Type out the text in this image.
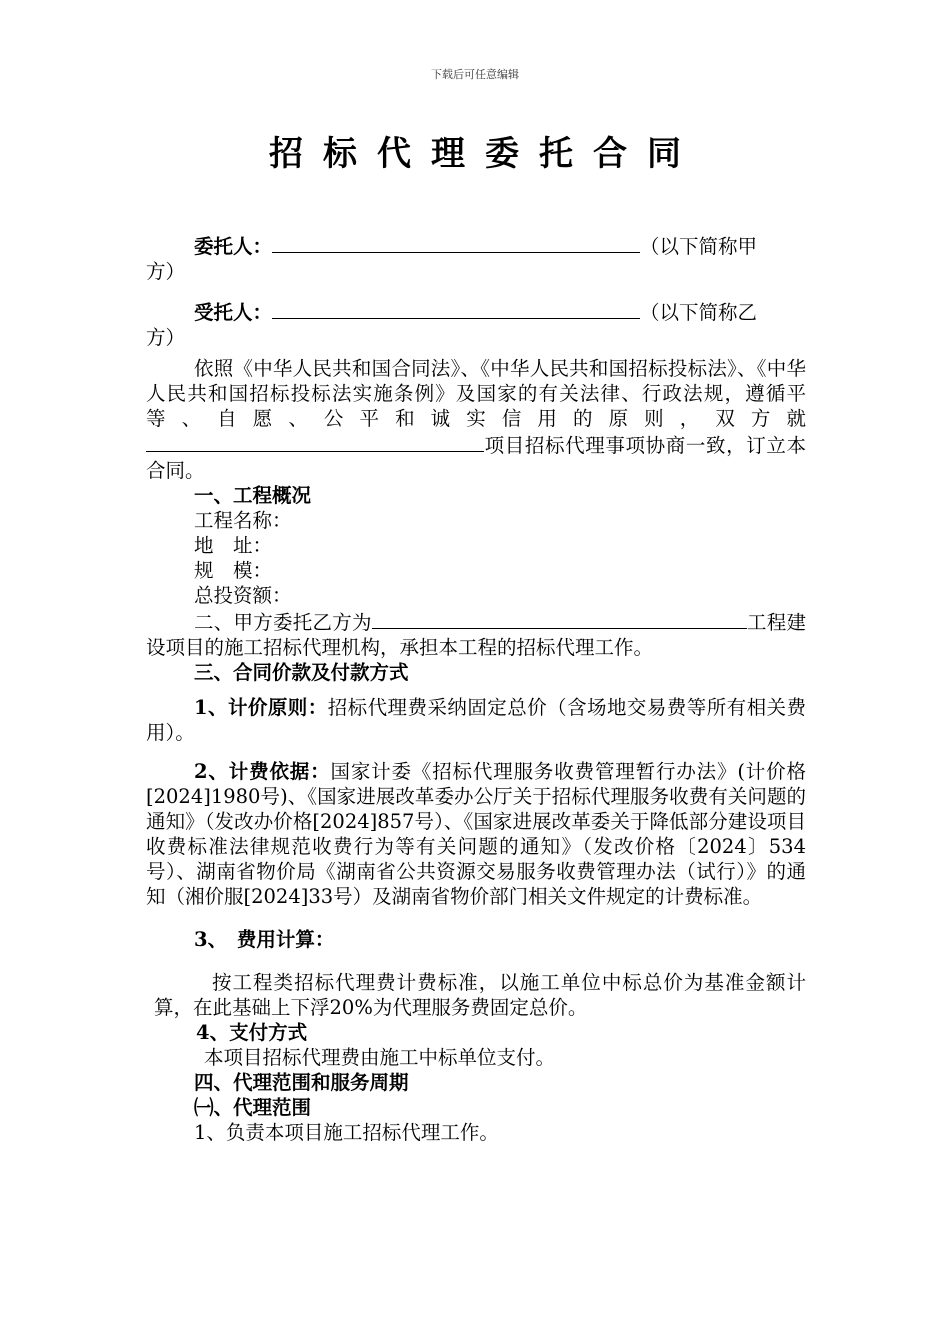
下载后可任意编辑
招标代理委托合同

委托人：	（以下简称甲

方）

受托人：	（以下简称乙

方）

依照《中华人民共和国合同法》、《中华人民共和国招标投标法》、《中华人民共和国招标投标法实施条例》及国家的有关法律、行政法规，遵循平等、自愿、公平和诚实信用的原则，双方就项目招标代理事项协商一致，订立本合同。

一、工程概况

工程名称：

地　址：

规　模：

总投资额：

二、甲方委托乙方为	工程建设项目的施工招标代理机构，承担本工程的招标代理工作。

三、合同价款及付款方式

1、计价原则：招标代理费采纳固定总价（含场地交易费等所有相关费用）。

2、计费依据：国家计委《招标代理服务收费管理暂行办法》(计价格[2024]1980号)、《国家进展改革委办公厅关于招标代理服务收费有关问题的通知》（发改办价格[2024]857号）、《国家进展改革委关于降低部分建设项目收费标准法律规范收费行为等有关问题的通知》（发改价格〔2024〕534号）、湖南省物价局《湖南省公共资源交易服务收费管理办法（试行）》的通知（湘价服[2024]33号）及湖南省物价部门相关文件规定的计费标准。

3、　费用计算：

按工程类招标代理费计费标准，以施工单位中标总价为基准金额计算，在此基础上下浮20%为代理服务费固定总价。

4、支付方式

本项目招标代理费由施工中标单位支付。

四、代理范围和服务周期

㈠、代理范围

1、负责本项目施工招标代理工作。
